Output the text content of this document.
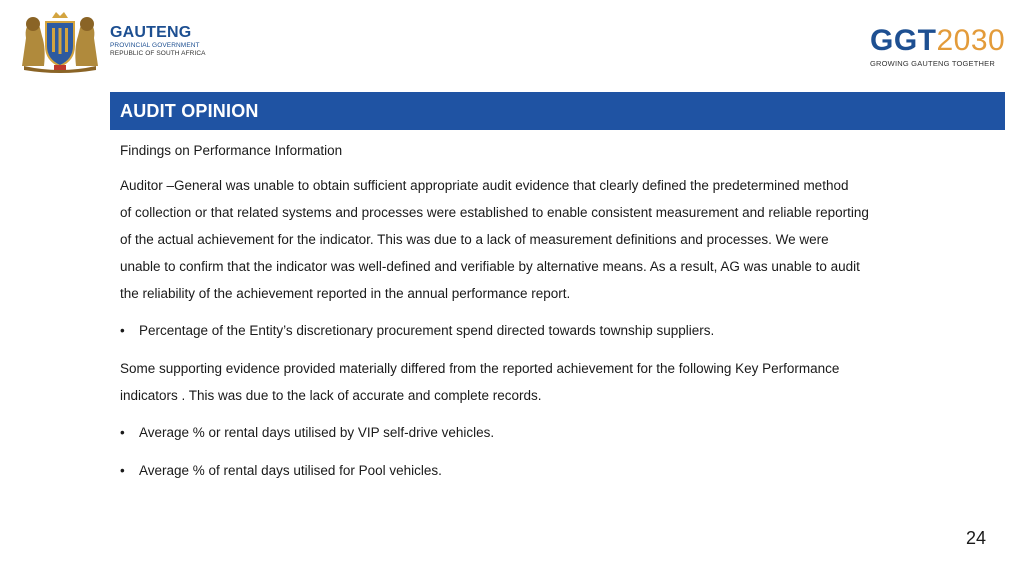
GAUTENG
PROVINCIAL GOVERNMENT
REPUBLIC OF SOUTH AFRICA	GGT2030
GROWING GAUTENG TOGETHER
AUDIT OPINION

Findings on Performance Information

Auditor –General was unable to obtain sufficient appropriate audit evidence that clearly defined the predetermined method
of collection or that related systems and processes were established to enable consistent measurement and reliable reporting
of the actual achievement for the indicator. This was due to a lack of measurement definitions and processes. We were
unable to confirm that the indicator was well-defined and verifiable by alternative means. As a result, AG was unable to audit
the reliability of the achievement reported in the annual performance report.
•	Percentage of the Entity’s discretionary procurement spend directed towards township suppliers.
Some supporting evidence provided materially differed from the reported achievement for the following Key Performance
indicators . This was due to the lack of accurate and complete records.
•	Average % or rental days utilised by VIP self-drive vehicles.
•	Average % of rental days utilised for Pool vehicles.
24
